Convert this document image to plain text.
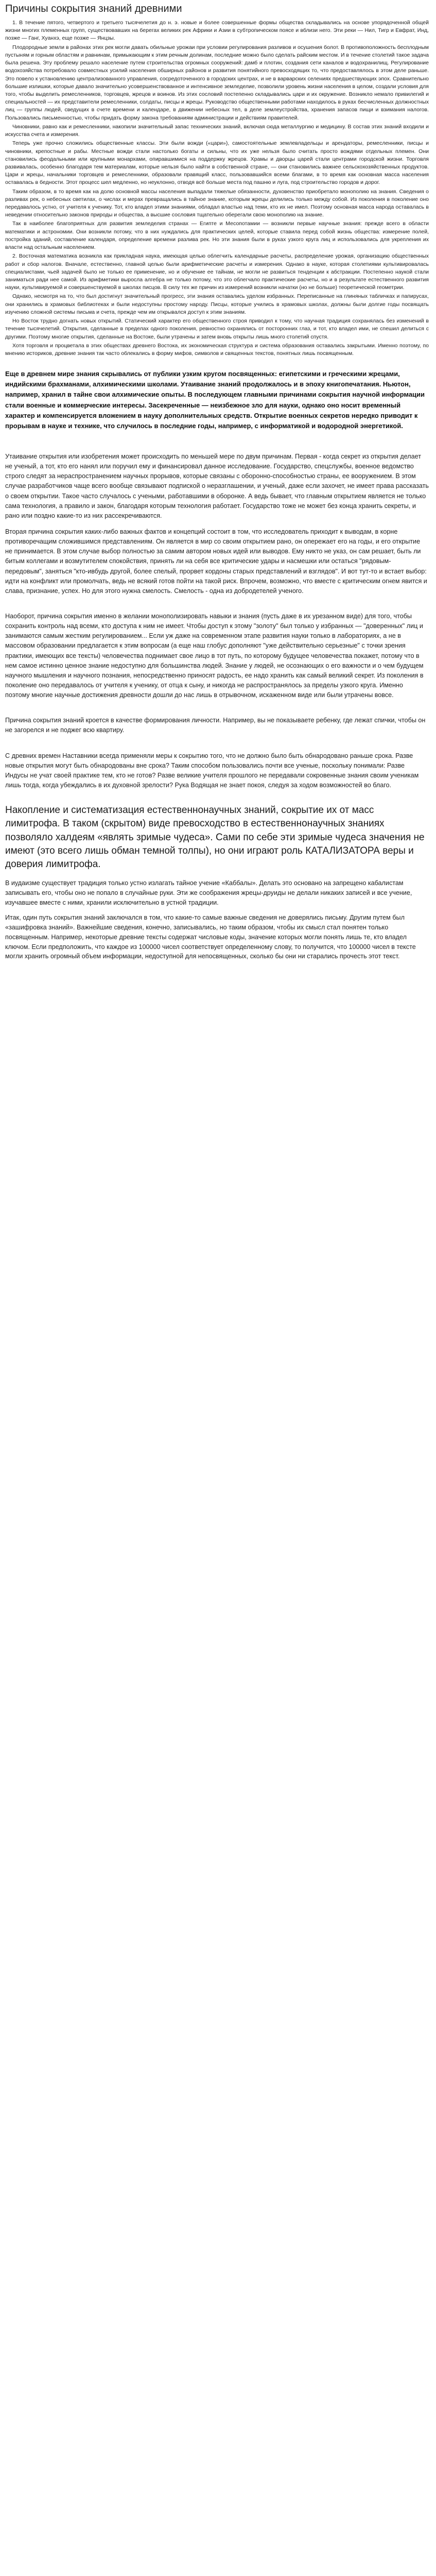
Причины сокрытия знаний древними

1. В течение пятого, четвертого и третьего тысячелетия до н. э. новые и более совершенные формы общества складывались на основе упорядоченной общей жизни многих племенных групп, существовавших на берегах великих рек Африки и Азии в субтропическом поясе и вблизи него. Эти реки — Нил, Тигр и Евфрат, Инд, позже — Ганг, Хуанхэ, еще позже — Янцзы.

Плодородные земли в районах этих рек могли давать обильные урожаи при условии регулирования разливов и осушения болот. В противоположность бесплодным пустыням и горным областям и равнинам, примыкающим к этим речным долинам, последние можно было сделать райским местом. И в течение столетий такое задача была решена. Эту проблему решало население путем строительства огромных сооружений: дамб и плотин, создания сети каналов и водохранилищ. Регулирование водохозяйства потребовало совместных усилий населения обширных районов и развития понятийного превосходящих то, что предоставлялось в этом деле раньше. Это повело к установлению централизованного управления, сосредоточенного в городских центрах, и не в варварских селениях предшествующих эпох. Сравнительно большие излишки, которые давало значительно усовершенствованное и интенсивное земледелие, позволили уровень жизни населения в целом, создали условия для того, чтобы выделить ремесленников, торговцев, жрецов и воинов. Из этих сословий постепенно складывались цари и их окружение. Возникло немало привилегий и специальностей — их представители ремесленники, солдаты, писцы и жрецы. Руководство общественными работами находилось в руках бесчисленных должностных лиц — группы людей, сведущих в счете времени и календаре, в движении небесных тел, в деле землеустройства, хранения запасов пищи и взимания налогов. Пользовались письменностью, чтобы придать форму закона требованиям администрации и действиям правителей.

Чиновники, равно как и ремесленники, накопили значительный запас технических знаний, включая сюда металлургию и медицину. В состав этих знаний входили и искусства счета и измерения.

Теперь уже прочно сложились общественные классы. Эти были вожди («цари»), самостоятельные землевладельцы и арендаторы, ремесленники, писцы и чиновники, крепостные и рабы. Местные вожди стали настолько богаты и сильны, что их уже нельзя было считать просто вождями отдельных племен. Они становились феодальными или крупными монархами, опиравшимися на поддержку жрецов. Храмы и дворцы царей стали центрами городской жизни. Торговля развивалась, особенно благодаря тем материалам, которые нельзя было найти в собственной стране, — они становились важнее сельскохозяйственных продуктов. Цари и жрецы, начальники торговцев и ремесленники, образовали правящий класс, пользовавшийся всеми благами, в то время как основная масса населения оставалась в бедности. Этот процесс шел медленно, но неуклонно, отводя всё больше места под пашню и луга, под строительство городов и дорог.

Таким образом, в то время как на долю основной массы населения выпадали тяжелые обязанности, духовенство приобретало монополию на знания. Сведения о разливах рек, о небесных светилах, о числах и мерах превращались в тайное знание, которым жрецы делились только между собой. Из поколения в поколение оно передавалось устно, от учителя к ученику. Тот, кто владел этими знаниями, обладал властью над теми, кто их не имел. Поэтому основная масса народа оставалась в неведении относительно законов природы и общества, а высшие сословия тщательно оберегали свою монополию на знание.

Так в наиболее благоприятных для развития земледелия странах — Египте и Месопотамии — возникли первые научные знания: прежде всего в области математики и астрономии. Они возникли потому, что в них нуждались для практических целей, которые ставила перед собой жизнь общества: измерение полей, постройка зданий, составление календаря, определение времени разлива рек. Но эти знания были в руках узкого круга лиц и использовались для укрепления их власти над остальным населением.

2. Восточная математика возникла как прикладная наука, имеющая целью облегчить календарные расчеты, распределение урожая, организацию общественных работ и сбор налогов. Вначале, естественно, главной целью были арифметические расчеты и измерения. Однако в науке, которая столетиями культивировалась специалистами, чьей задачей было не только ее применение, но и обучение ее тайнам, не могли не развиться тенденции к абстракции. Постепенно наукой стали заниматься ради нее самой. Из арифметики выросла алгебра не только потому, что это облегчало практические расчеты, но и в результате естественного развития науки, культивируемой и совершенствуемой в школах писцов. В силу тех же причин из измерений возникли начатки (но не больше) теоретической геометрии.

Однако, несмотря на то, что был достигнут значительный прогресс, эти знания оставались уделом избранных. Переписанные на глиняных табличках и папирусах, они хранились в храмовых библиотеках и были недоступны простому народу. Писцы, которые учились в храмовых школах, должны были долгие годы посвящать изучению сложной системы письма и счета, прежде чем им открывался доступ к этим знаниям.

Но Восток трудно догнать новых открытий. Статический характер его общественного строя приводил к тому, что научная традиция сохранялась без изменений в течение тысячелетий. Открытия, сделанные в пределах одного поколения, ревностно охранялись от посторонних глаз, и тот, кто владел ими, не спешил делиться с другими. Поэтому многие открытия, сделанные на Востоке, были утрачены и затем вновь открыты лишь много столетий спустя.

Хотя торговля и процветала в этих обществах древнего Востока, их экономическая структура и система образования оставались закрытыми. Именно поэтому, по мнению историков, древние знания так часто облекались в форму мифов, символов и священных текстов, понятных лишь посвященным.

Еще в древнем мире знания скрывались от публики узким кругом посвященных: египетскими и греческими жрецами, индийскими брахманами, алхимическими школами. Утаивание знаний продолжалось и в эпоху книгопечатания. Ньютон, например, хранил в тайне свои алхимические опыты. В последующем главными причинами сокрытия научной информации стали военные и коммерческие интересы. Засекреченные — неизбежное зло для науки, однако оно носит временный характер и компенсируется вложением в науку дополнительных средств. Открытие военных секретов нередко приводит к прорывам в науке и технике, что случилось в последние годы, например, с информатикой и водородной энергетикой.

Утаивание открытия или изобретения может происходить по меньшей мере по двум причинам. Первая - когда секрет из открытия делает не ученый, а тот, кто его нанял или поручил ему и финансировал данное исследование. Государство, спецслужбы, военное ведомство строго следят за нераспространением научных прорывов, которые связаны с оборонно-способностью страны, ее вооружением. В этом случае разработчиков чаще всего вообще связывают подпиской о неразглашении, и ученый, даже если захочет, не имеет права рассказать о своем открытии. Такое часто случалось с учеными, работавшими в оборонке. А ведь бывает, что главным открытием является не только сама технология, а правило и закон, благодаря которым технология работает. Государство тоже не может без конца хранить секреты, и рано или поздно какие-то из них рассекречиваются.

Вторая причина сокрытия каких-либо важных фактов и концепций состоит в том, что исследователь приходит к выводам, в корне противоречащим сложившимся представлениям. Он является в мир со своим открытием рано, он опережает его на годы, и его открытие не принимается. В этом случае выбор полностью за самим автором новых идей или выводов. Ему никто не указ, он сам решает, быть ли битым коллегами и возмутителем спокойствия, принять ли на себя все критические удары и насмешки или остаться "рядовым-передовым", заняться "кто-ивбудь другой, более спелый, прорвет кордоны старых представлений и взглядов". И вот тут-то и встает выбор: идти на конфликт или промолчать, ведь не всякий готов пойти на такой риск. Впрочем, возможно, что вместе с критическим огнем явится и слава, признание, успех. Но для этого нужна смелость. Смелость - одна из добродетелей ученого.

Наоборот, причина сокрытия именно в желании монополизировать навыки и знания (пусть даже в их урезанном виде) для того, чтобы сохранить контроль над всеми, кто доступа к ним не имеет. Чтобы доступ к этому "золоту" был только у избранных — "доверенных" лиц и занимаются самым жестким регулированием... Если уж даже на современном этапе развития науки только в лабораториях, а не в массовом образовании предлагается к этим вопросам (а еще наш глобус дополняют "уже действительно серьезные" с точки зрения практики, имеющих все тексты) человечества поднимает свое лицо в тот путь, по которому будущее человечества покажет, потому что в нем самое истинно ценное знание недоступно для большинства людей. Знание у людей, не осознающих о его важности и о чем будущем научного мышления и научного познания, непосредственно приносят радость, ее надо хранить как самый великий секрет. Из поколения в поколение оно передавалось от учителя к ученику, от отца к сыну, и никогда не распространялось за пределы узкого круга. Именно поэтому многие научные достижения древности дошли до нас лишь в отрывочном, искаженном виде или были утрачены вовсе.

Причина сокрытия знаний кроется в качестве формирования личности. Например, вы не показываете ребенку, где лежат спички, чтобы он не загорелся и не поджег всю квартиру.

С древних времен Наставники всегда применяли меры к сокрытию того, что не должно было быть обнародовано раньше срока. Разве новые открытия могут быть обнародованы вне срока? Таким способом пользовались почти все ученые, поскольку понимали: Разве Индусы не учат своей практике тем, кто не готов? Разве великие учителя прошлого не передавали сокровенные знания своим ученикам лишь тогда, когда убеждались в их духовной зрелости? Рука Водящая не знает покоя, следуя за ходом возможностей во благо.

Накопление и систематизация естественнонаучных знаний, сокрытие их от масс лимитрофа. В таком (скрытом) виде превосходство в естественнонаучных знаниях позволяло халдеям «являть зримые чудеса». Сами по себе эти зримые чудеса значения не имеют (это всего лишь обман темной толпы), но они играют роль КАТАЛИЗАТОРА веры и доверия лимитрофа.

В иудаизме существует традиция только устно излагать тайное учение «Каббалы». Делать это основано на запрещено кабалистам записывать его, чтобы оно не попало в случайные руки. Эти же соображения жрецы-друиды не делали никаких записей и все учение, изучавшее вместе с ними, хранили исключительно в устной традиции.

Итак, один путь сокрытия знаний заключался в том, что какие-то самые важные сведения не доверялись письму. Другим путем был «зашифровка знаний». Важнейшие сведения, конечно, записывались, но таким образом, чтобы их смысл стал понятен только посвященным. Например, некоторые древние тексты содержат числовые коды, значение которых могли понять лишь те, кто владел ключом. Если предположить, что каждое из 100000 чисел соответствует определенному слову, то получится, что 100000 чисел в тексте могли хранить огромный объем информации, недоступной для непосвященных, сколько бы они ни старались прочесть этот текст.
